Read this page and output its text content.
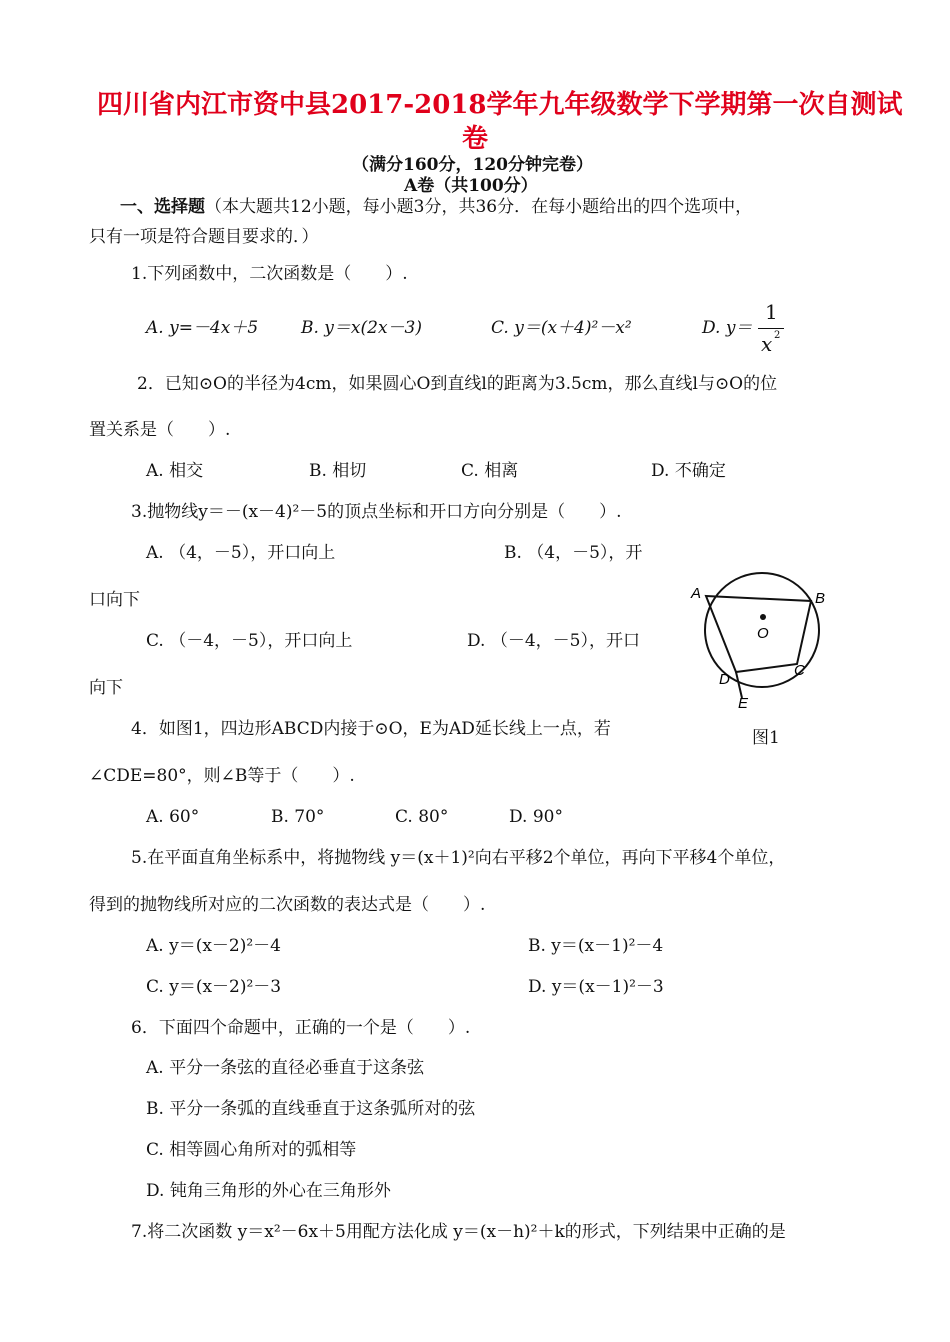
四川省内江市资中县2017-2018学年九年级数学下学期第一次自测试
卷
（满分160分，120分钟完卷）
A卷（共100分）
一、选择题（本大题共12小题，每小题3分，共36分．在每小题给出的四个选项中，
只有一项是符合题目要求的．）
1.下列函数中，二次函数是（　　）.
A. y=－4x＋5	B. y＝x(2x－3)	C. y＝(x＋4)²－x²	D. y＝
1
x 2
2．已知⊙O的半径为4cm，如果圆心O到直线l的距离为3.5cm，那么直线l与⊙O的位
置关系是（　　）.
A. 相交	B. 相切	C. 相离	D. 不确定
3.抛物线y＝－(x－4)²－5的顶点坐标和开口方向分别是（　　）.
A. （4，－5），开口向上	B. （4，－5），开
口向下
C. （－4，－5），开口向上	D. （－4，－5），开口
向下
A	B
C
D
E
O
图1
4．如图1，四边形ABCD内接于⊙O，E为AD延长线上一点，若
∠CDE=80°，则∠B等于（　　）.
A. 60°	B. 70°	C. 80°	D. 90°
5.在平面直角坐标系中，将抛物线 y＝(x＋1)²向右平移2个单位，再向下平移4个单位，
得到的抛物线所对应的二次函数的表达式是（　　）.
A. y＝(x－2)²－4	B. y＝(x－1)²－4
C. y＝(x－2)²－3	D. y＝(x－1)²－3
6．下面四个命题中，正确的一个是（　　）.
A. 平分一条弦的直径必垂直于这条弦
B. 平分一条弧的直线垂直于这条弧所对的弦
C. 相等圆心角所对的弧相等
D. 钝角三角形的外心在三角形外
7.将二次函数 y＝x²－6x＋5用配方法化成 y＝(x－h)²＋k的形式，下列结果中正确的是
